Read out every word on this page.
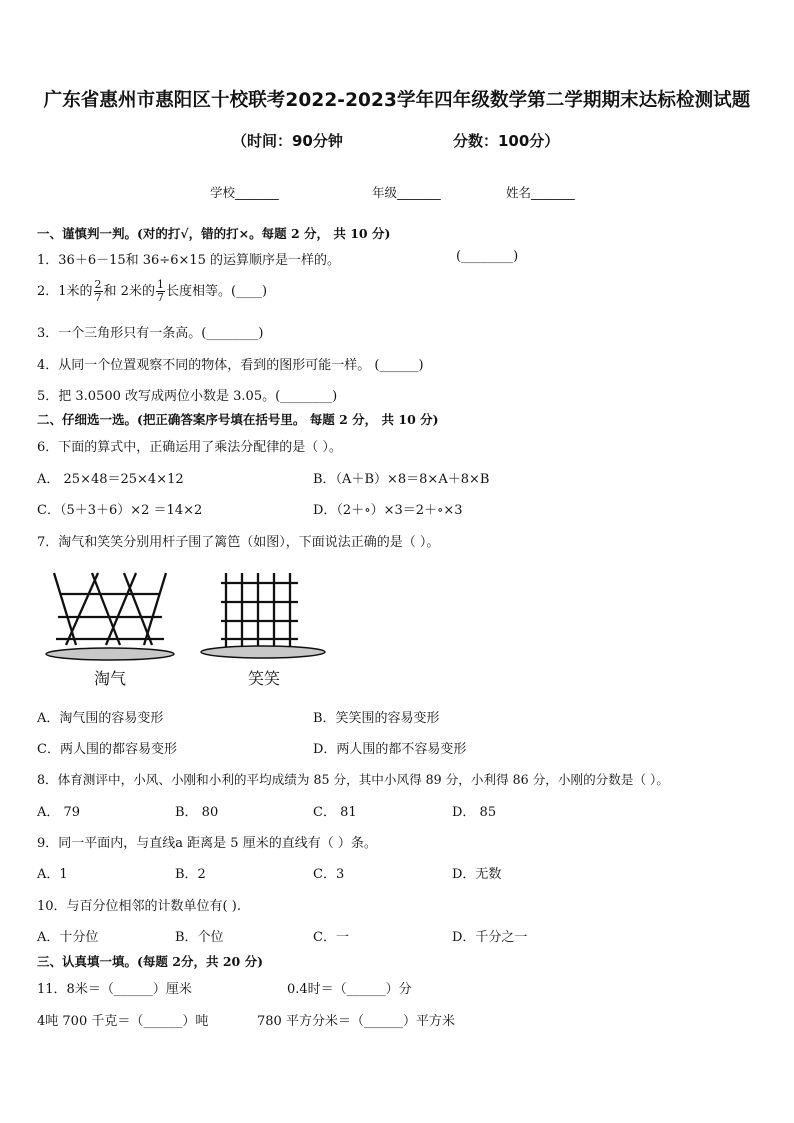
广东省惠州市惠阳区十校联考2022-2023学年四年级数学第二学期期末达标检测试题
（时间：90分钟	分数：100分）
学校_______	年级_______	姓名_______
一、谨慎判一判。(对的打√，错的打×。每题 2 分， 共 10 分)
1．36＋6－15和 36÷6×15 的运算顺序是一样的。	(________)
2．1米的 $\frac{2}{7}$ 和 2米的 $\frac{1}{7}$ 长度相等。(____)
3．一个三角形只有一条高。(________)
4．从同一个位置观察不同的物体，看到的图形可能一样。 (______)
5．把 3.0500 改写成两位小数是 3.05。(________)
二、仔细选一选。(把正确答案序号填在括号里。 每题 2 分， 共 10 分)
6．下面的算式中，正确运用了乘法分配律的是（ ）。
A． 25×48＝25×4×12	B．（A＋B）×8＝8×A＋8×B
C．（5＋3＋6）×2 ＝14×2	D．（2＋∘）×3＝2＋∘×3
7．淘气和笑笑分别用杆子围了篱笆（如图），下面说法正确的是（ ）。
淘气	笑笑
A．淘气围的容易变形	B．笑笑围的容易变形
C．两人围的都容易变形	D．两人围的都不容易变形
8．体育测评中，小风、小刚和小利的平均成绩为 85 分，其中小风得 89 分，小利得 86 分，小刚的分数是（ ）。
A． 79	B． 80	C． 81	D． 85
9．同一平面内，与直线a 距离是 5 厘米的直线有（ ）条。
A．1	B．2	C．3	D．无数
10．与百分位相邻的计数单位有( ).
A．十分位	B．个位	C．一	D．千分之一
三、认真填一填。(每题 2分，共 20 分)
11．8米＝（______）厘米	0.4时＝（______）分
4吨 700 千克＝（______）吨	780 平方分米＝（______）平方米
